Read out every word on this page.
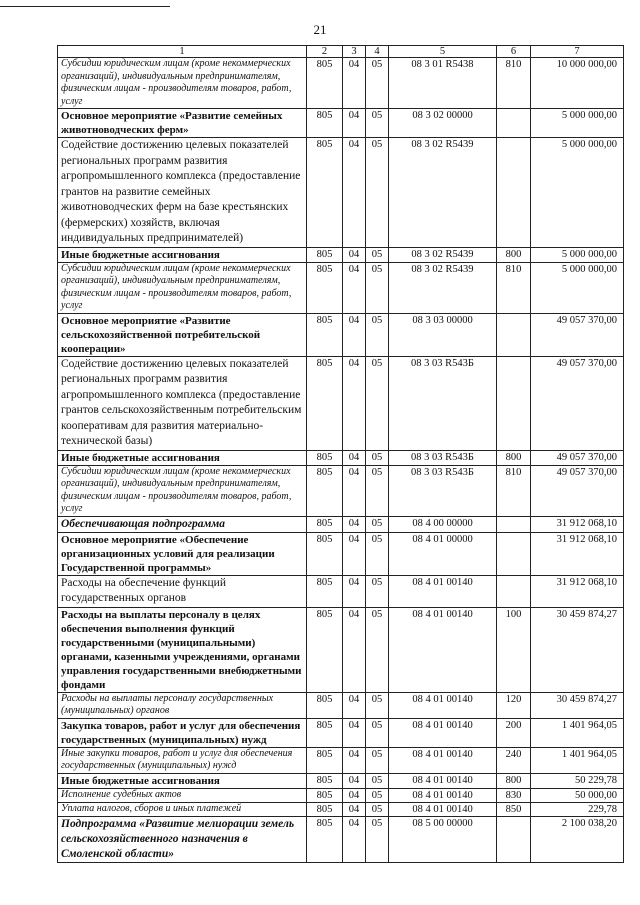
21
1	2	3	4	5	6	7
Субсидии юридическим лицам (кроме некоммерческих организаций), индивидуальным предпринимателям, физическим лицам - производителям товаров, работ, услуг	805	04	05	08 3 01 R5438	810	10 000 000,00
Основное мероприятие «Развитие семейных животноводческих ферм»	805	04	05	08 3 02 00000		5 000 000,00
Содействие достижению целевых показателей региональных программ развития агропромышленного комплекса (предоставление грантов на развитие семейных животноводческих ферм на базе крестьянских (фермерских) хозяйств, включая индивидуальных предпринимателей)	805	04	05	08 3 02 R5439		5 000 000,00
Иные бюджетные ассигнования	805	04	05	08 3 02 R5439	800	5 000 000,00
Субсидии юридическим лицам (кроме некоммерческих организаций), индивидуальным предпринимателям, физическим лицам - производителям товаров, работ, услуг	805	04	05	08 3 02 R5439	810	5 000 000,00
Основное мероприятие «Развитие сельскохозяйственной потребительской кооперации»	805	04	05	08 3 03 00000		49 057 370,00
Содействие достижению целевых показателей региональных программ развития агропромышленного комплекса (предоставление грантов сельскохозяйственным потребительским кооперативам для развития материально-технической базы)	805	04	05	08 3 03 R543Б		49 057 370,00
Иные бюджетные ассигнования	805	04	05	08 3 03 R543Б	800	49 057 370,00
Субсидии юридическим лицам (кроме некоммерческих организаций), индивидуальным предпринимателям, физическим лицам - производителям товаров, работ, услуг	805	04	05	08 3 03 R543Б	810	49 057 370,00
Обеспечивающая подпрограмма	805	04	05	08 4 00 00000		31 912 068,10
Основное мероприятие «Обеспечение организационных условий для реализации Государственной программы»	805	04	05	08 4 01 00000		31 912 068,10
Расходы на обеспечение функций государственных органов	805	04	05	08 4 01 00140		31 912 068,10
Расходы на выплаты персоналу в целях обеспечения выполнения функций государственными (муниципальными) органами, казенными учреждениями, органами управления государственными внебюджетными фондами	805	04	05	08 4 01 00140	100	30 459 874,27
Расходы на выплаты персоналу государственных (муниципальных) органов	805	04	05	08 4 01 00140	120	30 459 874,27
Закупка товаров, работ и услуг для обеспечения государственных (муниципальных) нужд	805	04	05	08 4 01 00140	200	1 401 964,05
Иные закупки товаров, работ и услуг для обеспечения государственных (муниципальных) нужд	805	04	05	08 4 01 00140	240	1 401 964,05
Иные бюджетные ассигнования	805	04	05	08 4 01 00140	800	50 229,78
Исполнение судебных актов	805	04	05	08 4 01 00140	830	50 000,00
Уплата налогов, сборов и иных платежей	805	04	05	08 4 01 00140	850	229,78
Подпрограмма «Развитие мелиорации земель сельскохозяйственного назначения в Смоленской области»	805	04	05	08 5 00 00000		2 100 038,20
